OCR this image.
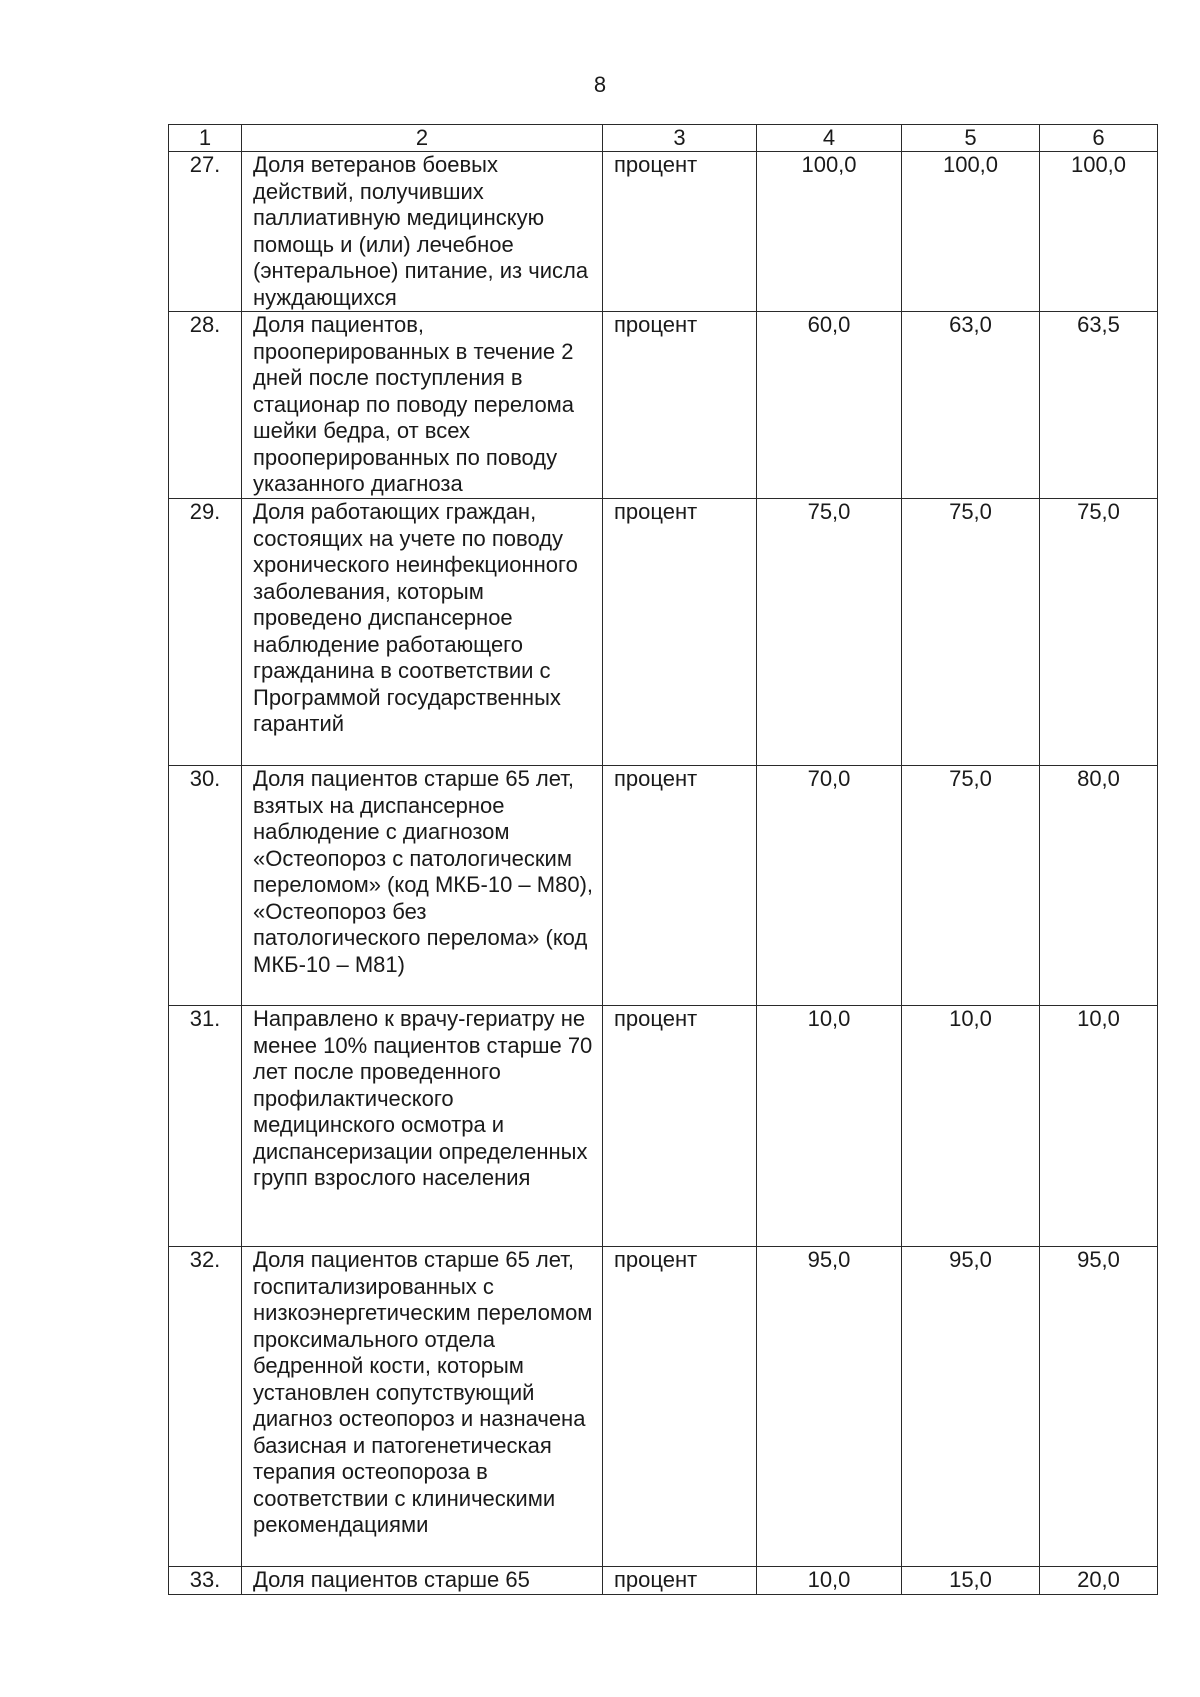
8
1	2	3	4	5	6
27.	Доля ветеранов боевых действий, получивших паллиативную медицинскую помощь и (или) лечебное (энтеральное) питание, из числа нуждающихся	процент	100,0	100,0	100,0
28.	Доля пациентов, прооперированных в течение 2 дней после поступления в стационар по поводу перелома шейки бедра, от всех прооперированных по поводу указанного диагноза	процент	60,0	63,0	63,5
29.	Доля работающих граждан, состоящих на учете по поводу хронического неинфекционного заболевания, которым проведено диспансерное наблюдение работающего гражданина в соответствии с Программой государственных гарантий	процент	75,0	75,0	75,0
30.	Доля пациентов старше 65 лет, взятых на диспансерное наблюдение с диагнозом «Остеопороз с патологическим переломом» (код МКБ-10 – М80), «Остеопороз без патологического перелома» (код МКБ-10 – М81)	процент	70,0	75,0	80,0
31.	Направлено к врачу-гериатру не менее 10% пациентов старше 70 лет после проведенного профилактического медицинского осмотра и диспансеризации определенных групп взрослого населения	процент	10,0	10,0	10,0
32.	Доля пациентов старше 65 лет, госпитализированных с низкоэнергетическим переломом проксимального отдела бедренной кости, которым установлен сопутствующий диагноз остеопороз и назначена базисная и патогенетическая терапия остеопороза в соответствии с клиническими рекомендациями	процент	95,0	95,0	95,0
33.	Доля пациентов старше 65	процент	10,0	15,0	20,0
